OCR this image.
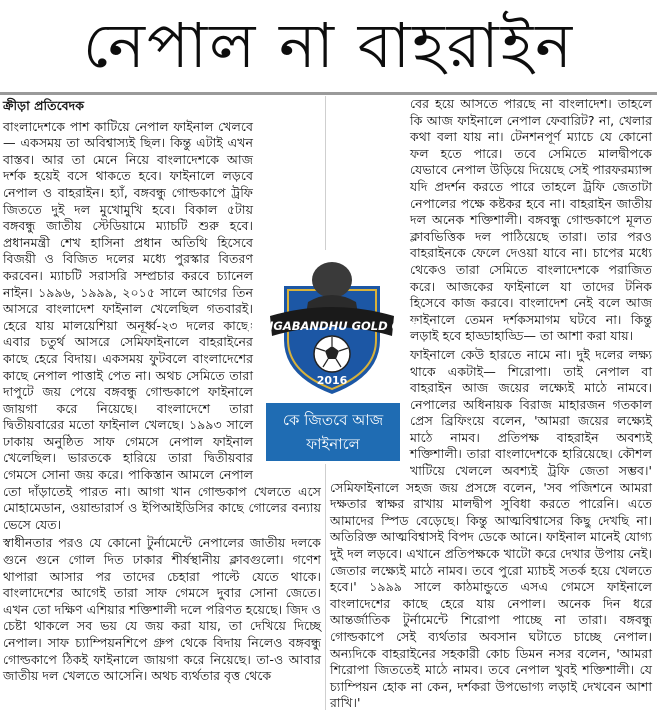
নেপাল না বাহরাইন
ক্রীড়া প্রতিবেদক

বাংলাদেশকে পাশ কাটিয়ে নেপাল ফাইনাল খেলবে— একসময় তা অবিশ্বাস্যই ছিল। কিন্তু এটাই এখন বাস্তব। আর তা মেনে নিয়ে বাংলাদেশকে আজ দর্শক হয়েই বসে থাকতে হবে। ফাইনালে লড়বে নেপাল ও বাহরাইন। হ্যাঁ, বঙ্গবন্ধু গোল্ডকাপে ট্রফি জিততে দুই দল মুখোমুখি হবে। বিকাল ৫টায় বঙ্গবন্ধু জাতীয় স্টেডিয়ামে ম্যাচটি শুরু হবে। প্রধানমন্ত্রী শেখ হাসিনা প্রধান অতিথি হিসেবে বিজয়ী ও বিজিত দলের মধ্যে পুরস্কার বিতরণ করবেন। ম্যাচটি সরাসরি সম্প্রচার করবে চ্যানেল নাইন। ১৯৯৬, ১৯৯৯, ২০১৫ সালে আগের তিন আসরে বাংলাদেশ ফাইনাল খেলেছিল গতবারই। হেরে যায় মালয়েশিয়া অনূর্ধ্ব-২৩ দলের কাছে। এবার চতুর্থ আসরে সেমিফাইনালে বাহরাইনের কাছে হেরে বিদায়। একসময় ফুটবলে বাংলাদেশের কাছে নেপাল পাত্তাই পেত না। অথচ সেমিতে তারা দাপুটে জয় পেয়ে বঙ্গবন্ধু গোল্ডকাপে ফাইনালে জায়গা করে নিয়েছে। বাংলাদেশে তারা দ্বিতীয়বারের মতো ফাইনাল খেলছে। ১৯৯৩ সালে ঢাকায় অনুষ্ঠিত সাফ গেমসে নেপাল ফাইনাল খেলেছিল। ভারতকে হারিয়ে তারা দ্বিতীয়বার গেমসে সোনা জয় করে। পাকিস্তান আমলে নেপাল তো দাঁড়াতেই পারত না। আগা খান গোল্ডকাপ খেলতে এসে মোহামেডান, ওয়ান্ডারার্স ও ইপিআইডিসির কাছে গোলের বন্যায় ভেসে যেত।

স্বাধীনতার পরও যে কোনো টুর্নামেন্টে নেপালের জাতীয় দলকে গুনে গুনে গোল দিত ঢাকার শীর্ষস্থানীয় ক্লাবগুলো। গণেশ থাপারা আসার পর তাদের চেহারা পাল্টে যেতে থাকে। বাংলাদেশের আগেই তারা সাফ গেমসে দুবার সোনা জেতে। এখন তো দক্ষিণ এশিয়ার শক্তিশালী দলে পরিণত হয়েছে। জিদ ও চেষ্টা থাকলে সব ভয় যে জয় করা যায়, তা দেখিয়ে দিচ্ছে নেপাল। সাফ চ্যাম্পিয়নশিপে গ্রুপ থেকে বিদায় নিলেও বঙ্গবন্ধু গোল্ডকাপে ঠিকই ফাইনালে জায়গা করে নিয়েছে। তা-ও আবার জাতীয় দল খেলতে আসেনি। অথচ ব্যর্থতার বৃত্ত থেকে

বের হয়ে আসতে পারছে না বাংলাদেশ। তাহলে কি আজ ফাইনালে নেপাল ফেবারিট? না, খেলার কথা বলা যায় না। টেনশনপূর্ণ ম্যাচে যে কোনো ফল হতে পারে। তবে সেমিতে মালদ্বীপকে যেভাবে নেপাল উড়িয়ে দিয়েছে সেই পারফরম্যান্স যদি প্রদর্শন করতে পারে তাহলে ট্রফি জেতাটা নেপালের পক্ষে কষ্টকর হবে না। বাহরাইন জাতীয় দল অনেক শক্তিশালী। বঙ্গবন্ধু গোল্ডকাপে মূলত ক্লাবভিত্তিক দল পাঠিয়েছে তারা। তার পরও বাহরাইনকে ফেলে দেওয়া যাবে না। চাপের মধ্যে থেকেও তারা সেমিতে বাংলাদেশকে পরাজিত করে। আজকের ফাইনালে যা তাদের টনিক হিসেবে কাজ করবে। বাংলাদেশ নেই বলে আজ ফাইনালে তেমন দর্শকসমাগম ঘটবে না। কিন্তু লড়াই হবে হাড্ডাহাড্ডি— তা আশা করা যায়।

ফাইনালে কেউ হারতে নামে না। দুই দলের লক্ষ্য থাকে একটাই— শিরোপা। তাই নেপাল বা বাহরাইন আজ জয়ের লক্ষ্যেই মাঠে নামবে। নেপালের অধিনায়ক বিরাজ মাহারজন গতকাল প্রেস ব্রিফিংয়ে বলেন, 'আমরা জয়ের লক্ষ্যেই মাঠে নামব। প্রতিপক্ষ বাহরাইন অবশ্যই শক্তিশালী। তারা বাংলাদেশকে হারিয়েছে। কৌশল খাটিয়ে খেললে অবশ্যই ট্রফি জেতা সম্ভব।' সেমিফাইনালে সহজ জয় প্রসঙ্গে বলেন, 'সব পজিশনে আমরা দক্ষতার স্বাক্ষর রাখায় মালদ্বীপ সুবিধা করতে পারেনি। এতে আমাদের স্পিড বেড়েছে। কিন্তু আত্মবিশ্বাসের কিছু দেখছি না। অতিরিক্ত আত্মবিশ্বাসই বিপদ ডেকে আনে। ফাইনাল মানেই যোগ্য দুই দল লড়বে। এখানে প্রতিপক্ষকে খাটো করে দেখার উপায় নেই। জেতার লক্ষ্যেই মাঠে নামব। তবে পুরো ম্যাচই সতর্ক হয়ে খেলতে হবে।' ১৯৯৯ সালে কাঠমান্ডুতে এসএ গেমসে ফাইনালে বাংলাদেশের কাছে হেরে যায় নেপাল। অনেক দিন ধরে আন্তর্জাতিক টুর্নামেন্টে শিরোপা পাচ্ছে না তারা। বঙ্গবন্ধু গোল্ডকাপে সেই ব্যর্থতার অবসান ঘটাতে চাচ্ছে নেপাল। অন্যদিকে বাহরাইনের সহকারী কোচ ডিমন নসর বলেন, 'আমরা শিরোপা জিততেই মাঠে নামব। তবে নেপাল খুবই শক্তিশালী। যে চ্যাম্পিয়ন হোক না কেন, দর্শকরা উপভোগ্য লড়াই দেখবেন আশা রাখি।'

BANGABANDHU GOLD CUP
2016
কে জিতবে আজ
ফাইনালে
